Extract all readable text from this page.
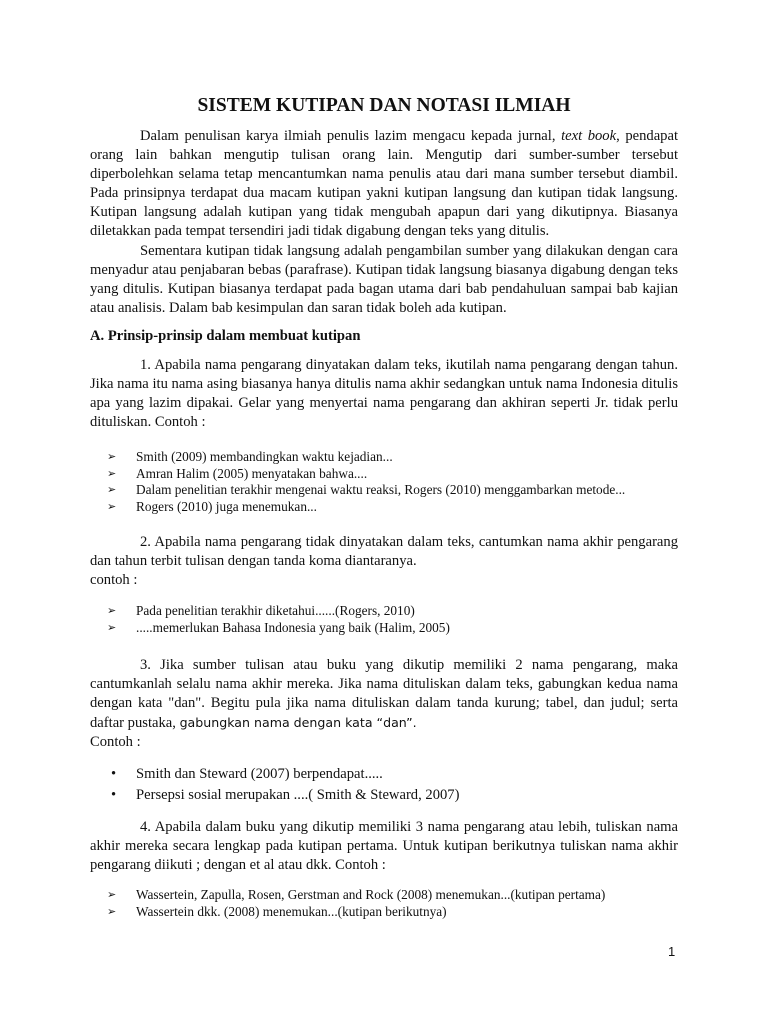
SISTEM KUTIPAN DAN NOTASI ILMIAH

Dalam penulisan karya ilmiah penulis lazim mengacu kepada jurnal, text book, pendapat orang lain bahkan mengutip tulisan orang lain. Mengutip dari sumber-sumber tersebut diperbolehkan selama tetap mencantumkan nama penulis atau dari mana sumber tersebut diambil. Pada prinsipnya terdapat dua macam kutipan yakni kutipan langsung dan kutipan tidak langsung. Kutipan langsung adalah kutipan yang tidak mengubah apapun dari yang dikutipnya. Biasanya diletakkan pada tempat tersendiri jadi tidak digabung dengan teks yang ditulis.

Sementara kutipan tidak langsung adalah pengambilan sumber yang dilakukan dengan cara menyadur atau penjabaran bebas (parafrase). Kutipan tidak langsung biasanya digabung dengan teks yang ditulis. Kutipan biasanya terdapat pada bagan utama dari bab pendahuluan sampai bab kajian atau analisis. Dalam bab kesimpulan dan saran tidak boleh ada kutipan.

A. Prinsip-prinsip dalam membuat kutipan

1. Apabila nama pengarang dinyatakan dalam teks, ikutilah nama pengarang dengan tahun. Jika nama itu nama asing biasanya hanya ditulis nama akhir sedangkan untuk nama Indonesia ditulis apa yang lazim dipakai. Gelar yang menyertai nama pengarang dan akhiran seperti Jr. tidak perlu dituliskan. Contoh :

➢ Smith (2009) membandingkan waktu kejadian...
➢ Amran Halim (2005) menyatakan bahwa....
➢ Dalam penelitian terakhir mengenai waktu reaksi, Rogers (2010) menggambarkan metode...
➢ Rogers (2010) juga menemukan...

2. Apabila nama pengarang tidak dinyatakan dalam teks, cantumkan nama akhir pengarang dan tahun terbit tulisan dengan tanda koma diantaranya.

contoh :

➢ Pada penelitian terakhir diketahui......(Rogers, 2010)
➢ .....memerlukan Bahasa Indonesia yang baik (Halim, 2005)

3. Jika sumber tulisan atau buku yang dikutip memiliki 2 nama pengarang, maka cantumkanlah selalu nama akhir mereka. Jika nama dituliskan dalam teks, gabungkan kedua nama dengan kata "dan". Begitu pula jika nama dituliskan dalam tanda kurung; tabel, dan judul; serta daftar pustaka, gabungkan nama dengan kata “dan”.

Contoh :

• Smith dan Steward (2007) berpendapat.....
• Persepsi sosial merupakan ....( Smith & Steward, 2007)

4. Apabila dalam buku yang dikutip memiliki 3 nama pengarang atau lebih, tuliskan nama akhir mereka secara lengkap pada kutipan pertama. Untuk kutipan berikutnya tuliskan nama akhir pengarang diikuti ; dengan et al atau dkk. Contoh :

➢ Wassertein, Zapulla, Rosen, Gerstman and Rock (2008) menemukan...(kutipan pertama)
➢ Wassertein dkk. (2008) menemukan...(kutipan berikutnya)
1
